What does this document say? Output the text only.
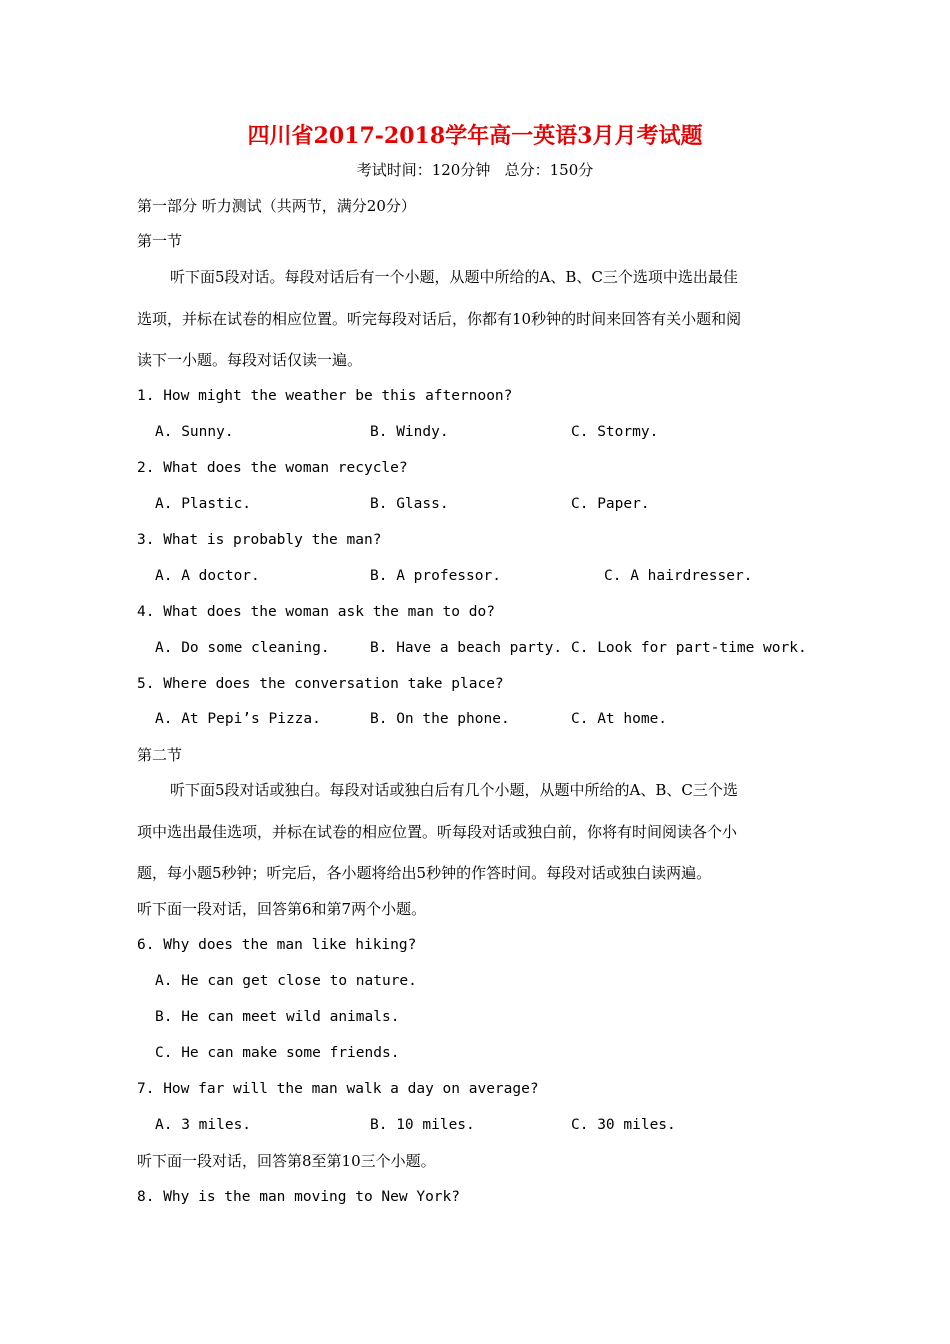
四川省2017-2018学年高一英语3月月考试题
考试时间：120分钟   总分：150分
第一部分 听力测试（共两节，满分20分）
第一节
听下面5段对话。每段对话后有一个小题，从题中所给的A、B、C三个选项中选出最佳
选项，并标在试卷的相应位置。听完每段对话后，你都有10秒钟的时间来回答有关小题和阅
读下一小题。每段对话仅读一遍。
1. How might the weather be this afternoon?
A. Sunny.	B. Windy.	C. Stormy.
2. What does the woman recycle?
A. Plastic.	B. Glass.	C. Paper.
3. What is probably the man?
A. A doctor.	B. A professor.	C. A hairdresser.
4. What does the woman ask the man to do?
A. Do some cleaning.	B. Have a beach party. C. Look for part-time work.
5. Where does the conversation take place?
A. At Pepi’s Pizza.	B. On the phone.	C. At home.
第二节
听下面5段对话或独白。每段对话或独白后有几个小题，从题中所给的A、B、C三个选
项中选出最佳选项，并标在试卷的相应位置。听每段对话或独白前，你将有时间阅读各个小
题，每小题5秒钟；听完后，各小题将给出5秒钟的作答时间。每段对话或独白读两遍。
听下面一段对话，回答第6和第7两个小题。
6. Why does the man like hiking?
A. He can get close to nature.
B. He can meet wild animals.
C. He can make some friends.
7. How far will the man walk a day on average?
A. 3 miles.	B. 10 miles.	C. 30 miles.
听下面一段对话，回答第8至第10三个小题。
8. Why is the man moving to New York?
